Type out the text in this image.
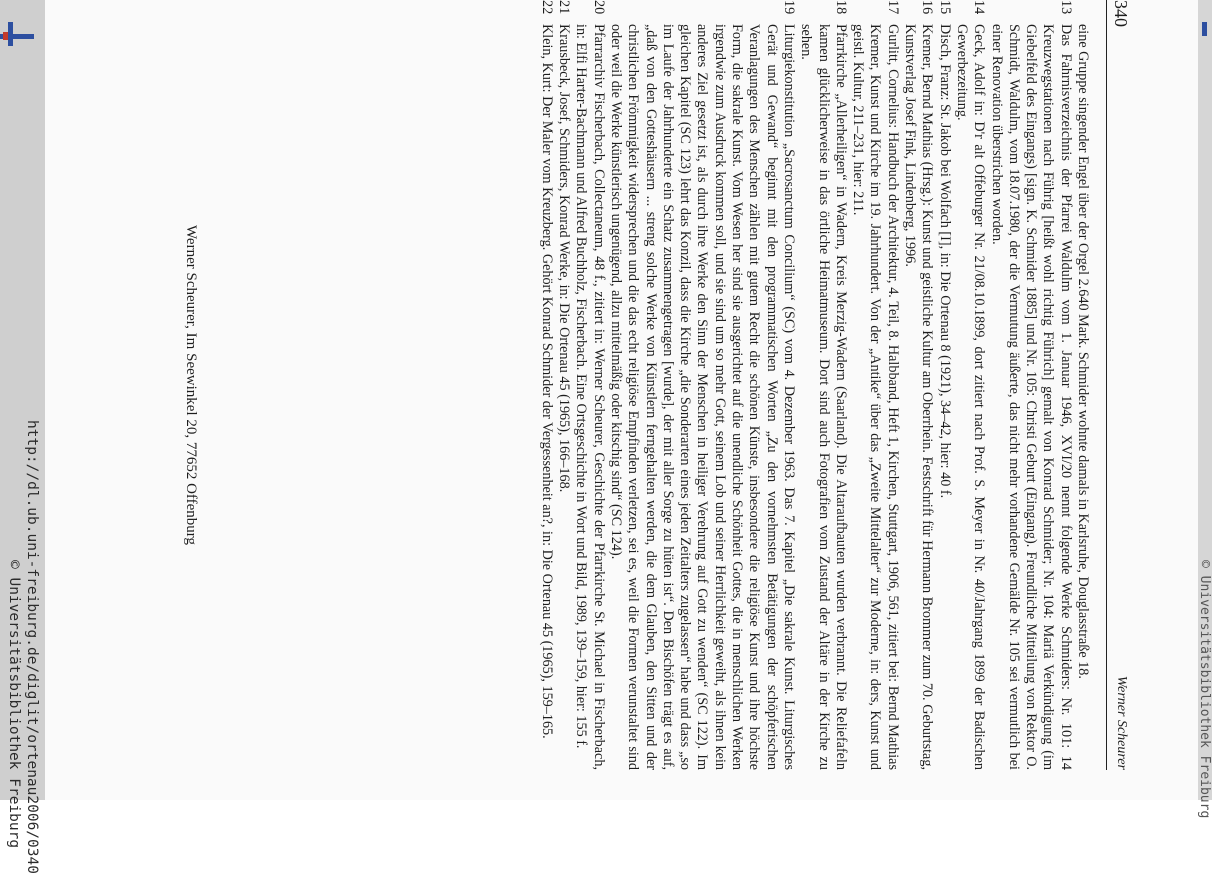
http://dl.ub.uni-freiburg.de/diglit/ortenau2006/0340
© Universitätsbibliothek Freiburg	© Universitätsbibliothek Freiburg
340
Werner Scheurer
eine Gruppe singender Engel über der Orgel 2.640 Mark. Schmider wohnte damals in Karlsruhe, Douglasstraße 18.
13
Das Fahrnisverzeichnis der Pfarrei Waldulm vom 1. Januar 1946, XVI/20 nennt folgende Werke Schmiders: Nr. 101: 14 Kreuzwegstationen nach Führig [heißt wohl richtig Führich] gemalt von Konrad Schmider; Nr. 104: Mariä Verkündigung (im Giebelfeld des Eingangs) [sign. K. Schmider 1885] und Nr. 105: Christi Geburt (Eingang). Freundliche Mitteilung von Rektor O. Schmidt, Waldulm, vom 18.07.1980, der die Vermutung äußerte, das nicht mehr vorhandene Gemälde Nr. 105 sei vermutlich bei einer Renovation überstrichen worden.
14
Geck, Adolf in: D'r alt Offeburger Nr. 21/08.10.1899, dort zitiert nach Prof. S. Meyer in Nr. 40/Jahrgang 1899 der Badischen Gewerbezeitung.
15
Disch, Franz: St. Jakob bei Wolfach [I], in: Die Ortenau 8 (1921), 34–42, hier: 40 f.
16
Kremer, Bernd Mathias (Hrsg.): Kunst und geistliche Kultur am Oberrhein. Festschrift für Hermann Brommer zum 70. Geburtstag, Kunstverlag Josef Fink, Lindenberg, 1996.
17
Gurlitt, Cornelius: Handbuch der Architektur, 4. Teil, 8. Halbband, Heft 1, Kirchen, Stuttgart, 1906, 561, zitiert bei: Bernd Mathias Kremer, Kunst und Kirche im 19. Jahrhundert. Von der „Antike“ über das „Zweite Mittelalter“ zur Moderne, in: ders, Kunst und geistl. Kultur, 211–231, hier: 211.
18
Pfarrkirche „Allerheiligen“ in Wadern, Kreis Merzig-Wadern (Saarland). Die Altaraufbauten wurden verbrannt. Die Reliefafeln kamen glücklicherweise in das örtliche Heimatmuseum. Dort sind auch Fotografien vom Zustand der Altäre in der Kirche zu sehen.
19
Liturgiekonstitution „Sacrosanctum Concilium“ (SC) vom 4. Dezember 1963. Das 7. Kapitel „Die sakrale Kunst. Liturgisches Gerät und Gewand“ beginnt mit den programmatischen Worten „Zu den vornehmsten Betätigungen der schöpferischen Veranlagungen des Menschen zählen mit gutem Recht die schönen Künste, insbesondere die religiöse Kunst und ihre höchste Form, die sakrale Kunst. Vom Wesen her sind sie ausgerichtet auf die unendliche Schönheit Gottes, die in menschlichen Werken irgendwie zum Ausdruck kommen soll, und sie sind um so mehr Gott, seinem Lob und seiner Herrlichkeit geweiht, als ihnen kein anderes Ziel gesetzt ist, als durch ihre Werke den Sinn der Menschen in heiliger Verehrung auf Gott zu wenden“ (SC 122). Im gleichen Kapitel (SC 123) lehrt das Konzil, dass die Kirche „die Sonderarten eines jeden Zeitalters zugelassen“ habe und dass „so im Laufe der Jahrhunderte ein Schatz zusammengetragen [wurde], der mit aller Sorge zu hüten ist“. Den Bischöfen trägt es auf, „daß von den Gotteshäusern ... streng solche Werke von Künstlern ferngehalten werden, die dem Glauben, den Sitten und der christlichen Frömmigkeit widersprechen und die das echt religiöse Empfinden verletzen, sei es, weil die Formen verunstaltet sind oder weil die Werke künstlerisch ungenügend, allzu mittelmäßig oder kitschig sind“ (SC 124).
20
Pfarrarchiv Fischerbach, Collectaneum, 48 f., zitiert in: Werner Scheurer, Geschichte der Pfarrkirche St. Michael in Fischerbach, in: Elfi Harter-Bachmann und Alfred Buchholz, Fischerbach. Eine Ortsgeschichte in Wort und Bild, 1989, 139–159, hier: 155 f.
21
Krausbeck, Josef, Schmiders, Konrad Werke, in: Die Ortenau 45 (1965), 166–168.
22
Klein, Kurt: Der Maler vom Kreuzberg. Gehört Konrad Schmider der Vergessenheit an?, in: Die Ortenau 45 (1965), 159–165.
Werner Scheurer, Im Seewinkel 20, 77652 Offenburg
